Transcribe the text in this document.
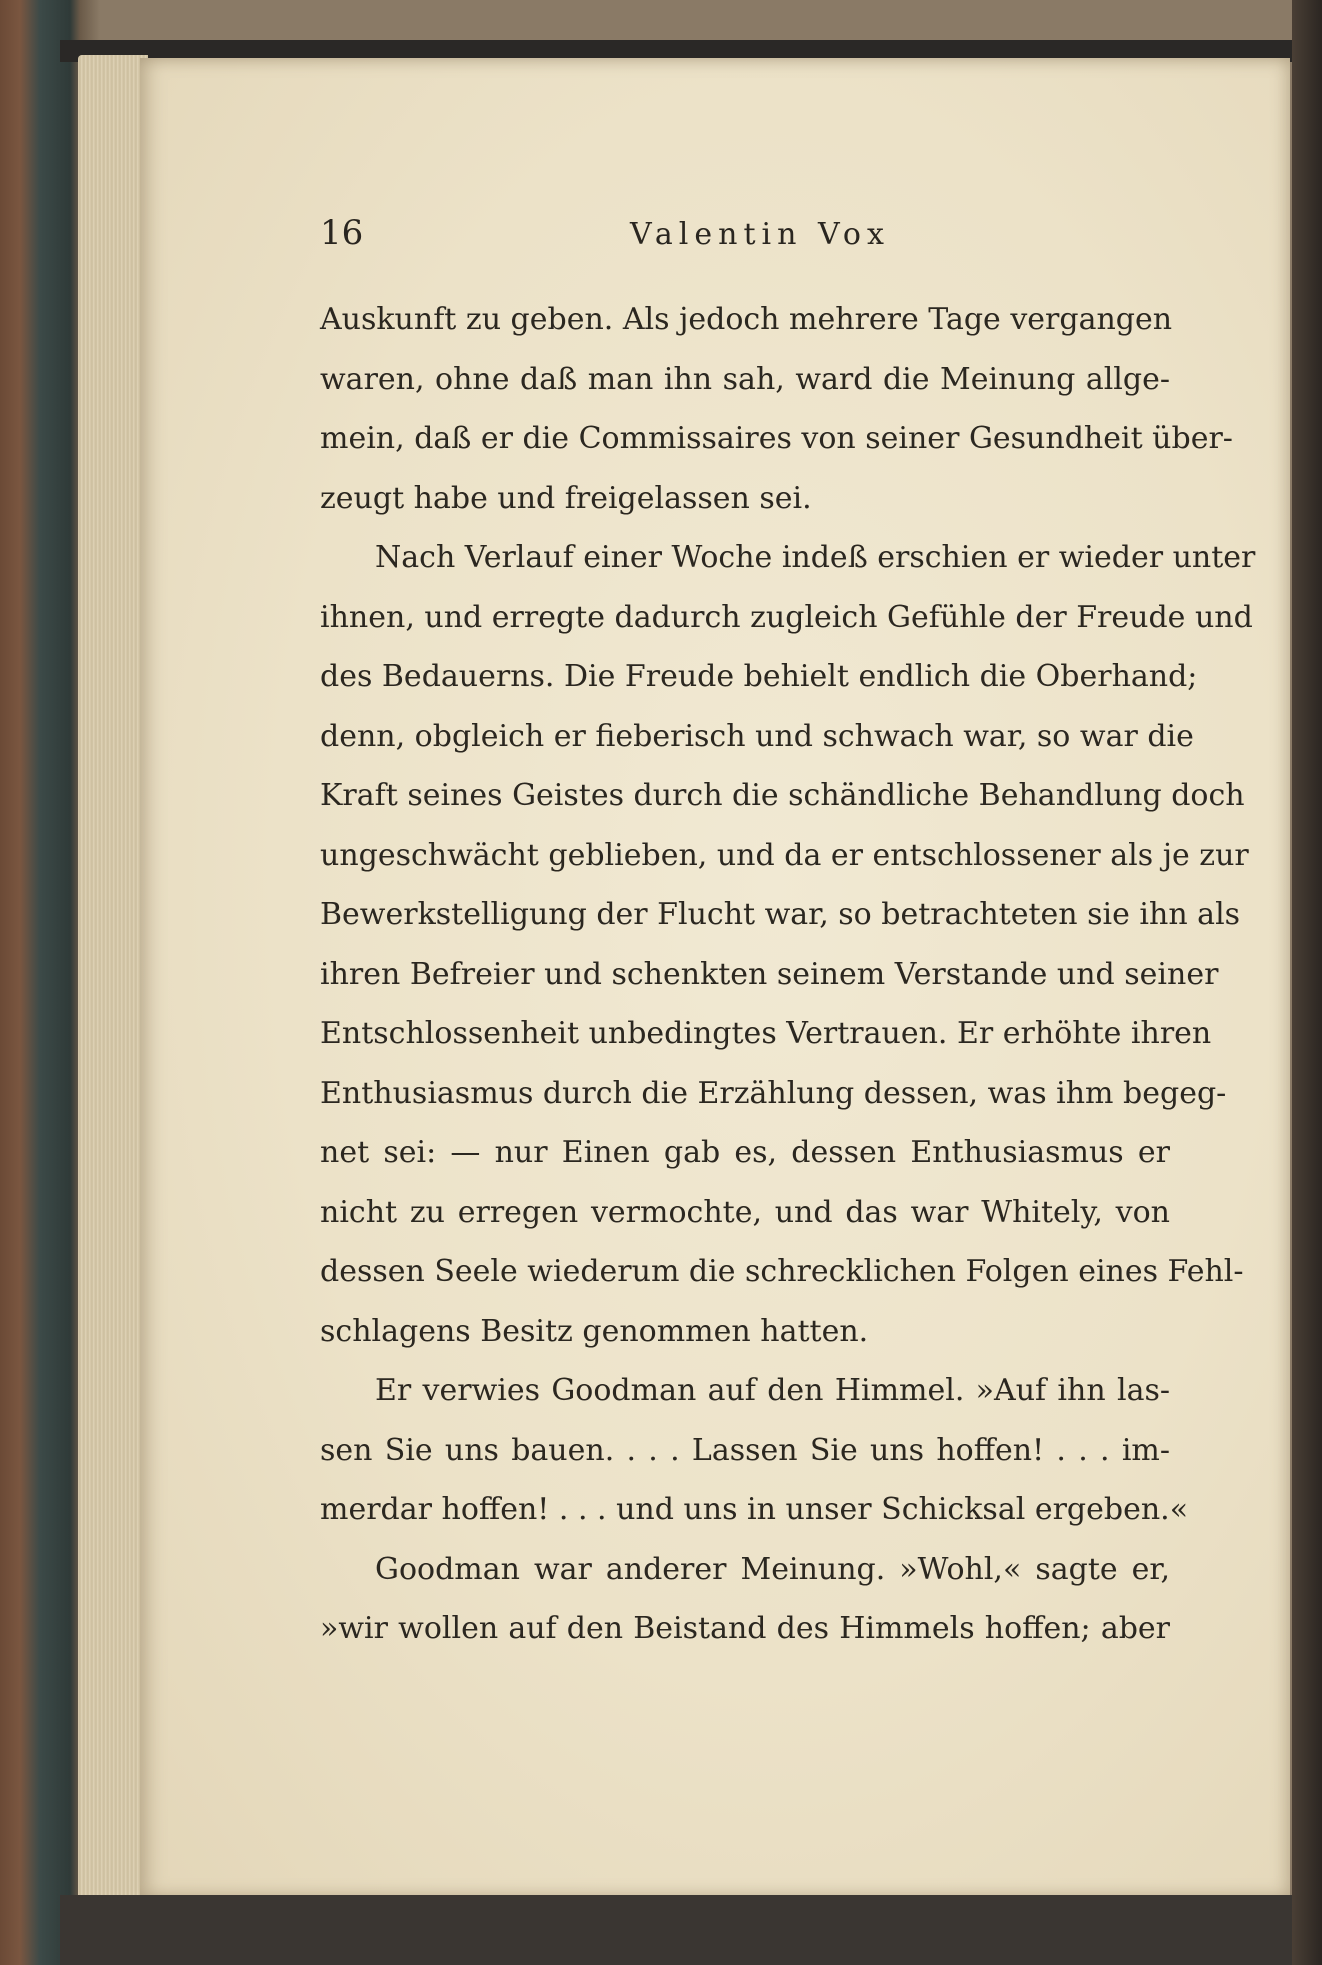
16	Valentin Vox
Auskunft zu geben. Als jedoch mehrere Tage vergangen
waren, ohne daß man ihn sah, ward die Meinung allge-
mein, daß er die Commissaires von seiner Gesundheit über-
zeugt habe und freigelassen sei.
Nach Verlauf einer Woche indeß erschien er wieder unter
ihnen, und erregte dadurch zugleich Gefühle der Freude und
des Bedauerns. Die Freude behielt endlich die Oberhand;
denn, obgleich er fieberisch und schwach war, so war die
Kraft seines Geistes durch die schändliche Behandlung doch
ungeschwächt geblieben, und da er entschlossener als je zur
Bewerkstelligung der Flucht war, so betrachteten sie ihn als
ihren Befreier und schenkten seinem Verstande und seiner
Entschlossenheit unbedingtes Vertrauen. Er erhöhte ihren
Enthusiasmus durch die Erzählung dessen, was ihm begeg-
net sei: — nur Einen gab es, dessen Enthusiasmus er
nicht zu erregen vermochte, und das war Whitely, von
dessen Seele wiederum die schrecklichen Folgen eines Fehl-
schlagens Besitz genommen hatten.
Er verwies Goodman auf den Himmel. »Auf ihn las-
sen Sie uns bauen. . . . Lassen Sie uns hoffen! . . . im-
merdar hoffen! . . . und uns in unser Schicksal ergeben.«
Goodman war anderer Meinung. »Wohl,« sagte er,
»wir wollen auf den Beistand des Himmels hoffen; aber
